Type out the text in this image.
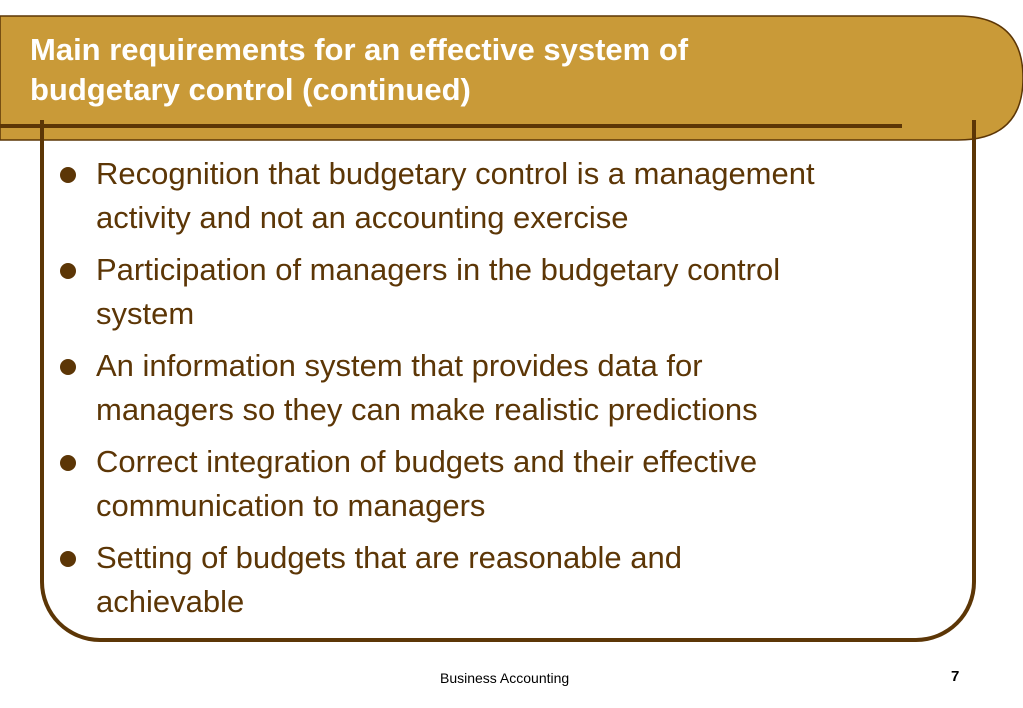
Main requirements for an effective system of
budgetary control (continued)
Recognition that budgetary control is a management
activity and not an accounting exercise
Participation of managers in the budgetary control
system
An information system that provides data for
managers so they can make realistic predictions
Correct integration of budgets and their effective
communication to managers
Setting of budgets that are reasonable and
achievable
Business Accounting	7
